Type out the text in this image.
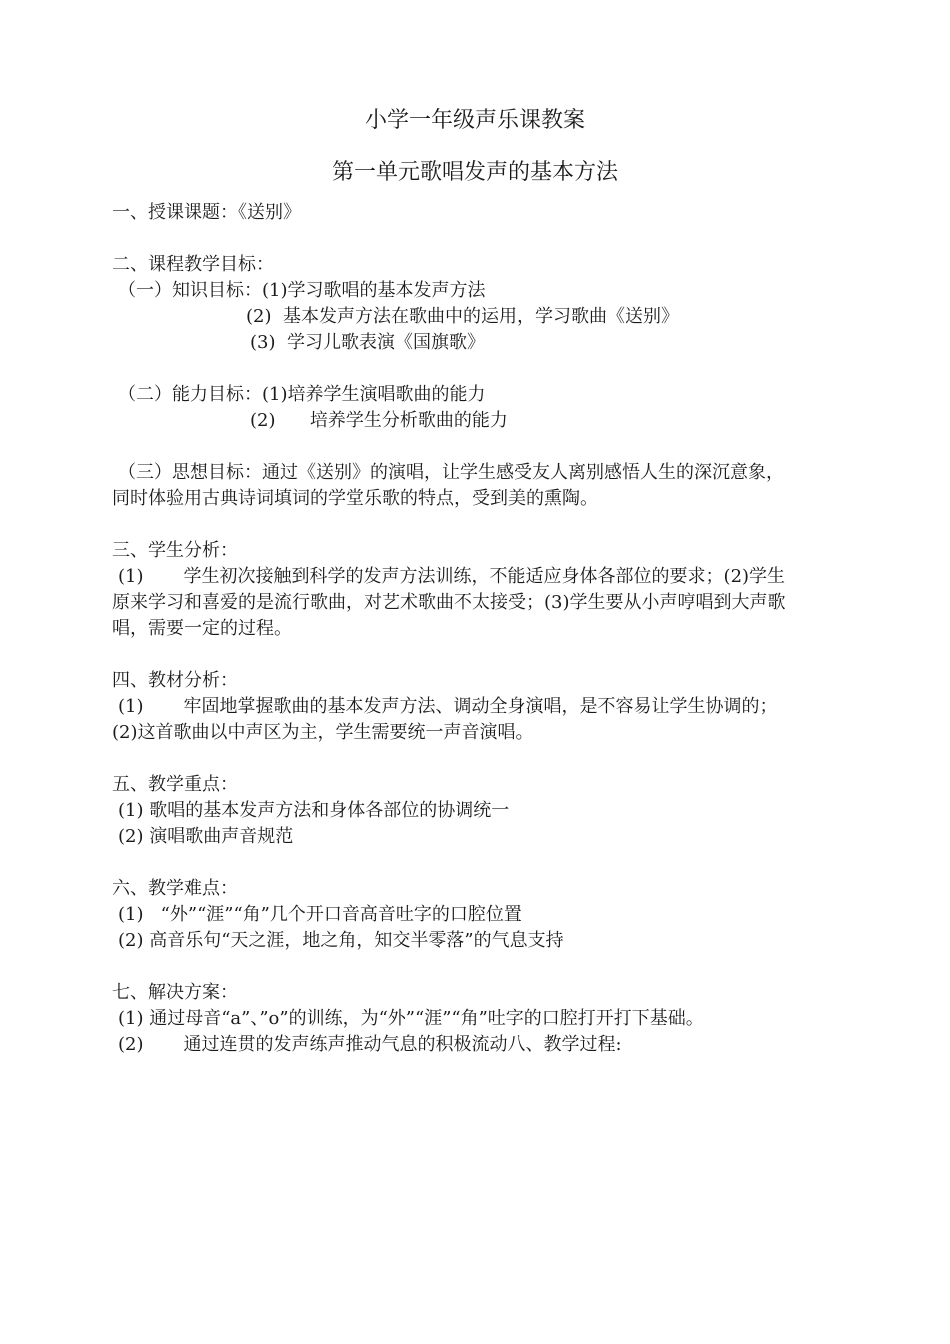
小学一年级声乐课教案
第一单元歌唱发声的基本方法
一、授课课题：《送别》
二、课程教学目标：
（一）知识目标：(1)学习歌唱的基本发声方法
(2)  基本发声方法在歌曲中的运用，学习歌曲《送别》
(3)  学习儿歌表演《国旗歌》
（二）能力目标：(1)培养学生演唱歌曲的能力
(2)      培养学生分析歌曲的能力
（三）思想目标：通过《送别》的演唱，让学生感受友人离别感悟人生的深沉意象，
同时体验用古典诗词填词的学堂乐歌的特点，受到美的熏陶。
三、学生分析：
(1)       学生初次接触到科学的发声方法训练，不能适应身体各部位的要求；(2)学生
原来学习和喜爱的是流行歌曲，对艺术歌曲不太接受；(3)学生要从小声哼唱到大声歌
唱，需要一定的过程。
四、教材分析：
(1)       牢固地掌握歌曲的基本发声方法、调动全身演唱，是不容易让学生协调的；
(2)这首歌曲以中声区为主，学生需要统一声音演唱。
五、教学重点：
(1) 歌唱的基本发声方法和身体各部位的协调统一
(2) 演唱歌曲声音规范
六、教学难点：
(1)   “外”“涯”“角”几个开口音高音吐字的口腔位置
(2) 高音乐句“天之涯，地之角，知交半零落”的气息支持
七、解决方案：
(1) 通过母音“a”、”o”的训练，为“外”“涯”“角”吐字的口腔打开打下基础。
(2)       通过连贯的发声练声推动气息的积极流动八、教学过程:
